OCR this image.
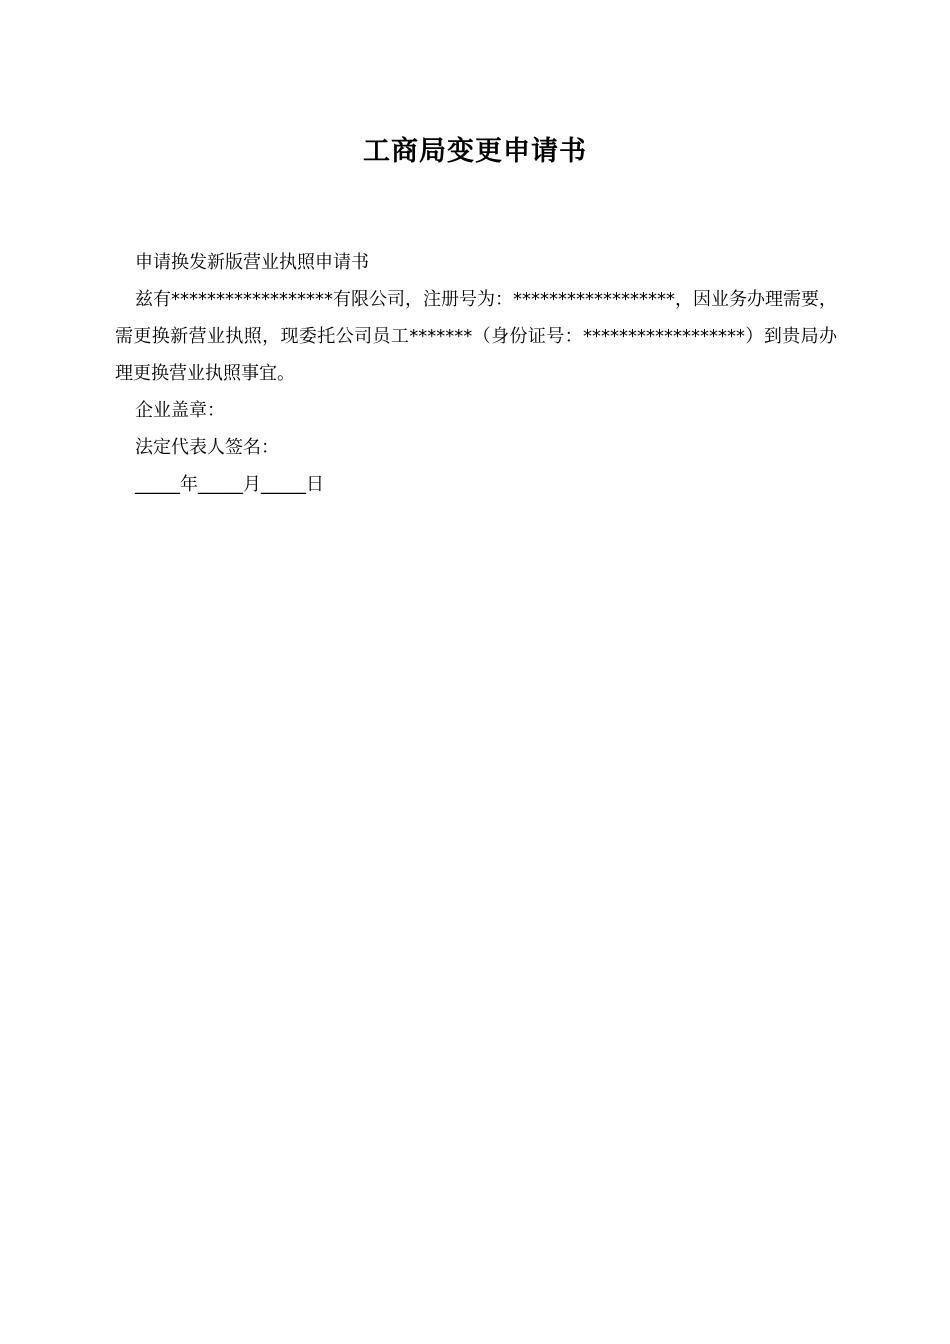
工商局变更申请书

申请换发新版营业执照申请书

兹有******************有限公司，注册号为：******************，因业务办理需要，需更换新营业执照，现委托公司员工*******（身份证号：******************）到贵局办理更换营业执照事宜。

企业盖章：

法定代表人签名：

_____年_____月_____日
